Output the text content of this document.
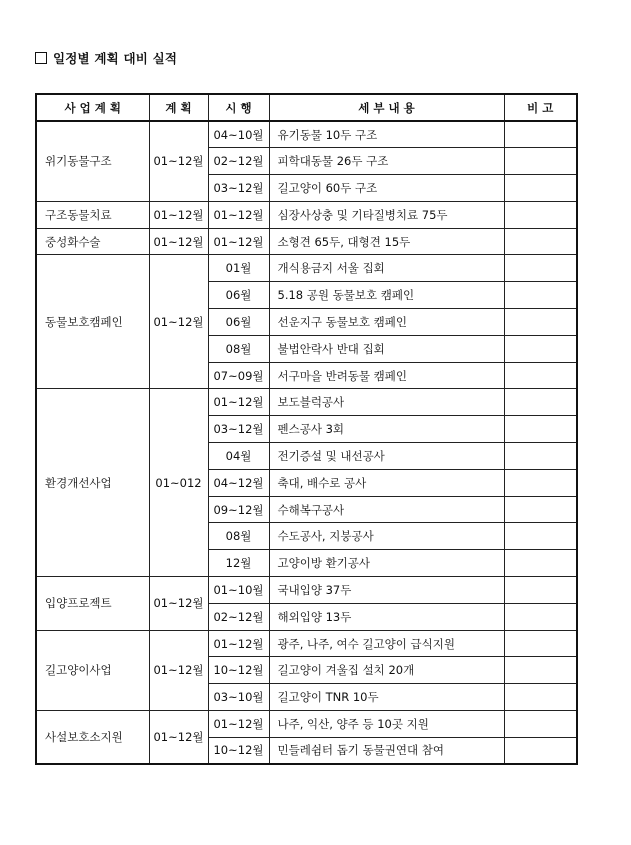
일정별 계획 대비 실적
사 업 계 획	계 획	시 행	세 부 내 용	비 고
위기동물구조	01~12월	04~10월	유기동물 10두 구조	
		02~12월	피학대동물 26두 구조	
		03~12월	길고양이 60두 구조	
구조동물치료	01~12월	01~12월	심장사상충 및 기타질병치료 75두	
중성화수술	01~12월	01~12월	소형견 65두, 대형견 15두	
동물보호캠페인	01~12월	01월	개식용금지 서울 집회	
		06월	5.18 공원 동물보호 캠페인	
		06월	선운지구 동물보호 캠페인	
		08월	불법안락사 반대 집회	
		07~09월	서구마을 반려동물 캠페인	
환경개선사업	01~012	01~12월	보도블럭공사	
		03~12월	펜스공사 3회	
		04월	전기증설 및 내선공사	
		04~12월	축대, 배수로 공사	
		09~12월	수해복구공사	
		08월	수도공사, 지붕공사	
		12월	고양이방 환기공사	
입양프로젝트	01~12월	01~10월	국내입양 37두	
		02~12월	해외입양 13두	
길고양이사업	01~12월	01~12월	광주, 나주, 여수 길고양이 급식지원	
		10~12월	길고양이 겨울집 설치 20개	
		03~10월	길고양이 TNR 10두	
사설보호소지원	01~12월	01~12월	나주, 익산, 양주 등 10곳 지원	
		10~12월	민들레쉼터 돕기 동물권연대 참여	
